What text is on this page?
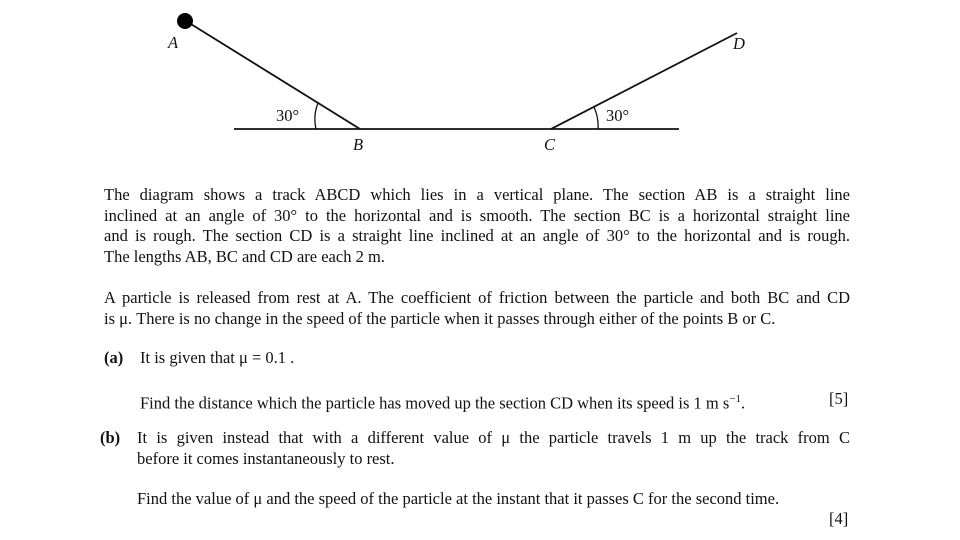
A	D
B	C
30°	30°
The diagram shows a track ABCD which lies in a vertical plane. The section AB is a straight line
inclined at an angle of 30° to the horizontal and is smooth. The section BC is a horizontal straight line
and is rough. The section CD is a straight line inclined at an angle of 30° to the horizontal and is rough.
The lengths AB, BC and CD are each 2 m.
A particle is released from rest at A. The coefficient of friction between the particle and both BC and CD
is μ. There is no change in the speed of the particle when it passes through either of the points B or C.
(a) It is given that μ = 0.1 .
Find the distance which the particle has moved up the section CD when its speed is 1 m $s^{-1}$.	[5]
(b) It is given instead that with a different value of μ the particle travels 1 m up the track from C
before it comes instantaneously to rest.
Find the value of μ and the speed of the particle at the instant that it passes C for the second time.
[4]
